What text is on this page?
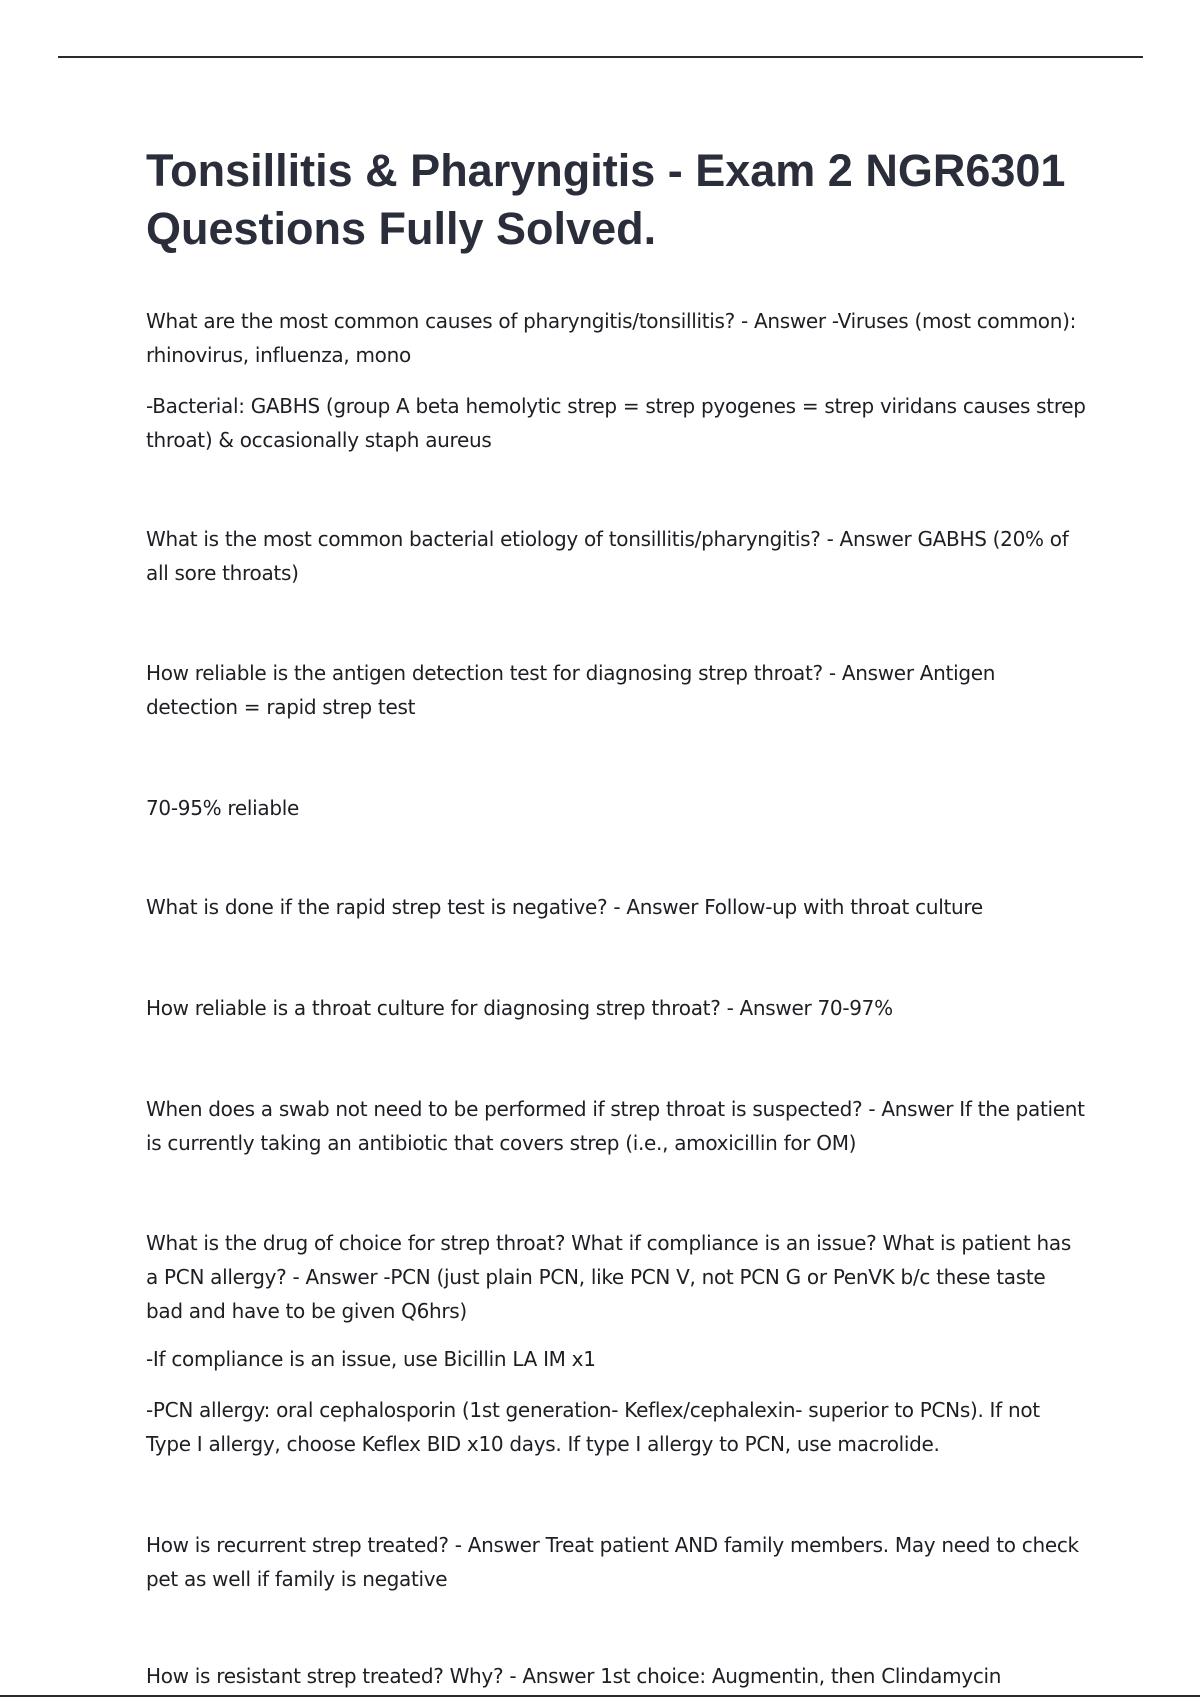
Tonsillitis & Pharyngitis - Exam 2 NGR6301 Questions Fully Solved.

What are the most common causes of pharyngitis/tonsillitis? - Answer -Viruses (most common): rhinovirus, influenza, mono

-Bacterial: GABHS (group A beta hemolytic strep = strep pyogenes = strep viridans causes strep throat) & occasionally staph aureus

What is the most common bacterial etiology of tonsillitis/pharyngitis? - Answer GABHS (20% of all sore throats)

How reliable is the antigen detection test for diagnosing strep throat? - Answer Antigen detection = rapid strep test

70-95% reliable

What is done if the rapid strep test is negative? - Answer Follow-up with throat culture

How reliable is a throat culture for diagnosing strep throat? - Answer 70-97%

When does a swab not need to be performed if strep throat is suspected? - Answer If the patient is currently taking an antibiotic that covers strep (i.e., amoxicillin for OM)

What is the drug of choice for strep throat? What if compliance is an issue? What is patient has a PCN allergy? - Answer -PCN (just plain PCN, like PCN V, not PCN G or PenVK b/c these taste bad and have to be given Q6hrs)

-If compliance is an issue, use Bicillin LA IM x1

-PCN allergy: oral cephalosporin (1st generation- Keflex/cephalexin- superior to PCNs). If not Type I allergy, choose Keflex BID x10 days. If type I allergy to PCN, use macrolide.

How is recurrent strep treated? - Answer Treat patient AND family members. May need to check pet as well if family is negative

How is resistant strep treated? Why? - Answer 1st choice: Augmentin, then Clindamycin
